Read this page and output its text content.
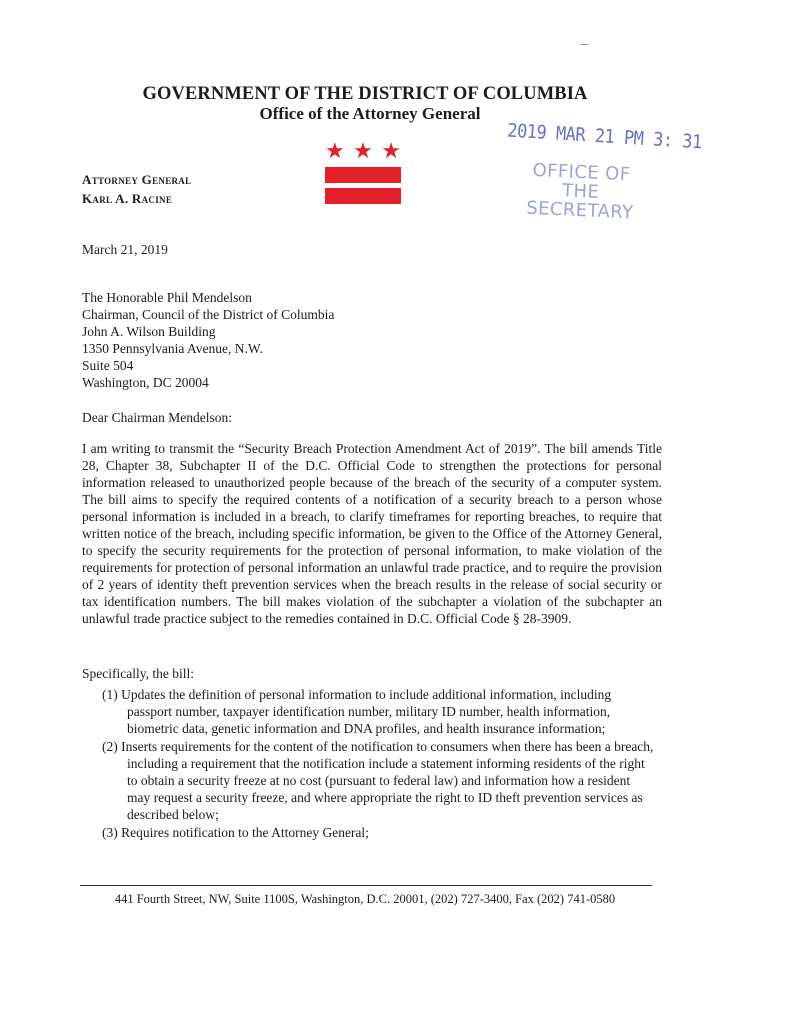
GOVERNMENT OF THE DISTRICT OF COLUMBIA
Office of the Attorney General
Attorney General
Karl A. Racine
★ ★ ★	2019 MAR 21 PM 3: 31
OFFICE OF THE
SECRETARY
March 21, 2019
The Honorable Phil Mendelson
Chairman, Council of the District of Columbia
John A. Wilson Building
1350 Pennsylvania Avenue, N.W.
Suite 504
Washington, DC 20004
Dear Chairman Mendelson:
I am writing to transmit the “Security Breach Protection Amendment Act of 2019”. The bill amends Title 28, Chapter 38, Subchapter II of the D.C. Official Code to strengthen the protections for personal information released to unauthorized people because of the breach of the security of a computer system. The bill aims to specify the required contents of a notification of a security breach to a person whose personal information is included in a breach, to clarify timeframes for reporting breaches, to require that written notice of the breach, including specific information, be given to the Office of the Attorney General, to specify the security requirements for the protection of personal information, to make violation of the requirements for protection of personal information an unlawful trade practice, and to require the provision of 2 years of identity theft prevention services when the breach results in the release of social security or tax identification numbers. The bill makes violation of the subchapter a violation of the subchapter an unlawful trade practice subject to the remedies contained in D.C. Official Code § 28-3909.
Specifically, the bill:
(1) Updates the definition of personal information to include additional information, including passport number, taxpayer identification number, military ID number, health information, biometric data, genetic information and DNA profiles, and health insurance information;
(2) Inserts requirements for the content of the notification to consumers when there has been a breach, including a requirement that the notification include a statement informing residents of the right to obtain a security freeze at no cost (pursuant to federal law) and information how a resident may request a security freeze, and where appropriate the right to ID theft prevention services as described below;
(3) Requires notification to the Attorney General;
441 Fourth Street, NW, Suite 1100S, Washington, D.C. 20001, (202) 727-3400, Fax (202) 741-0580
